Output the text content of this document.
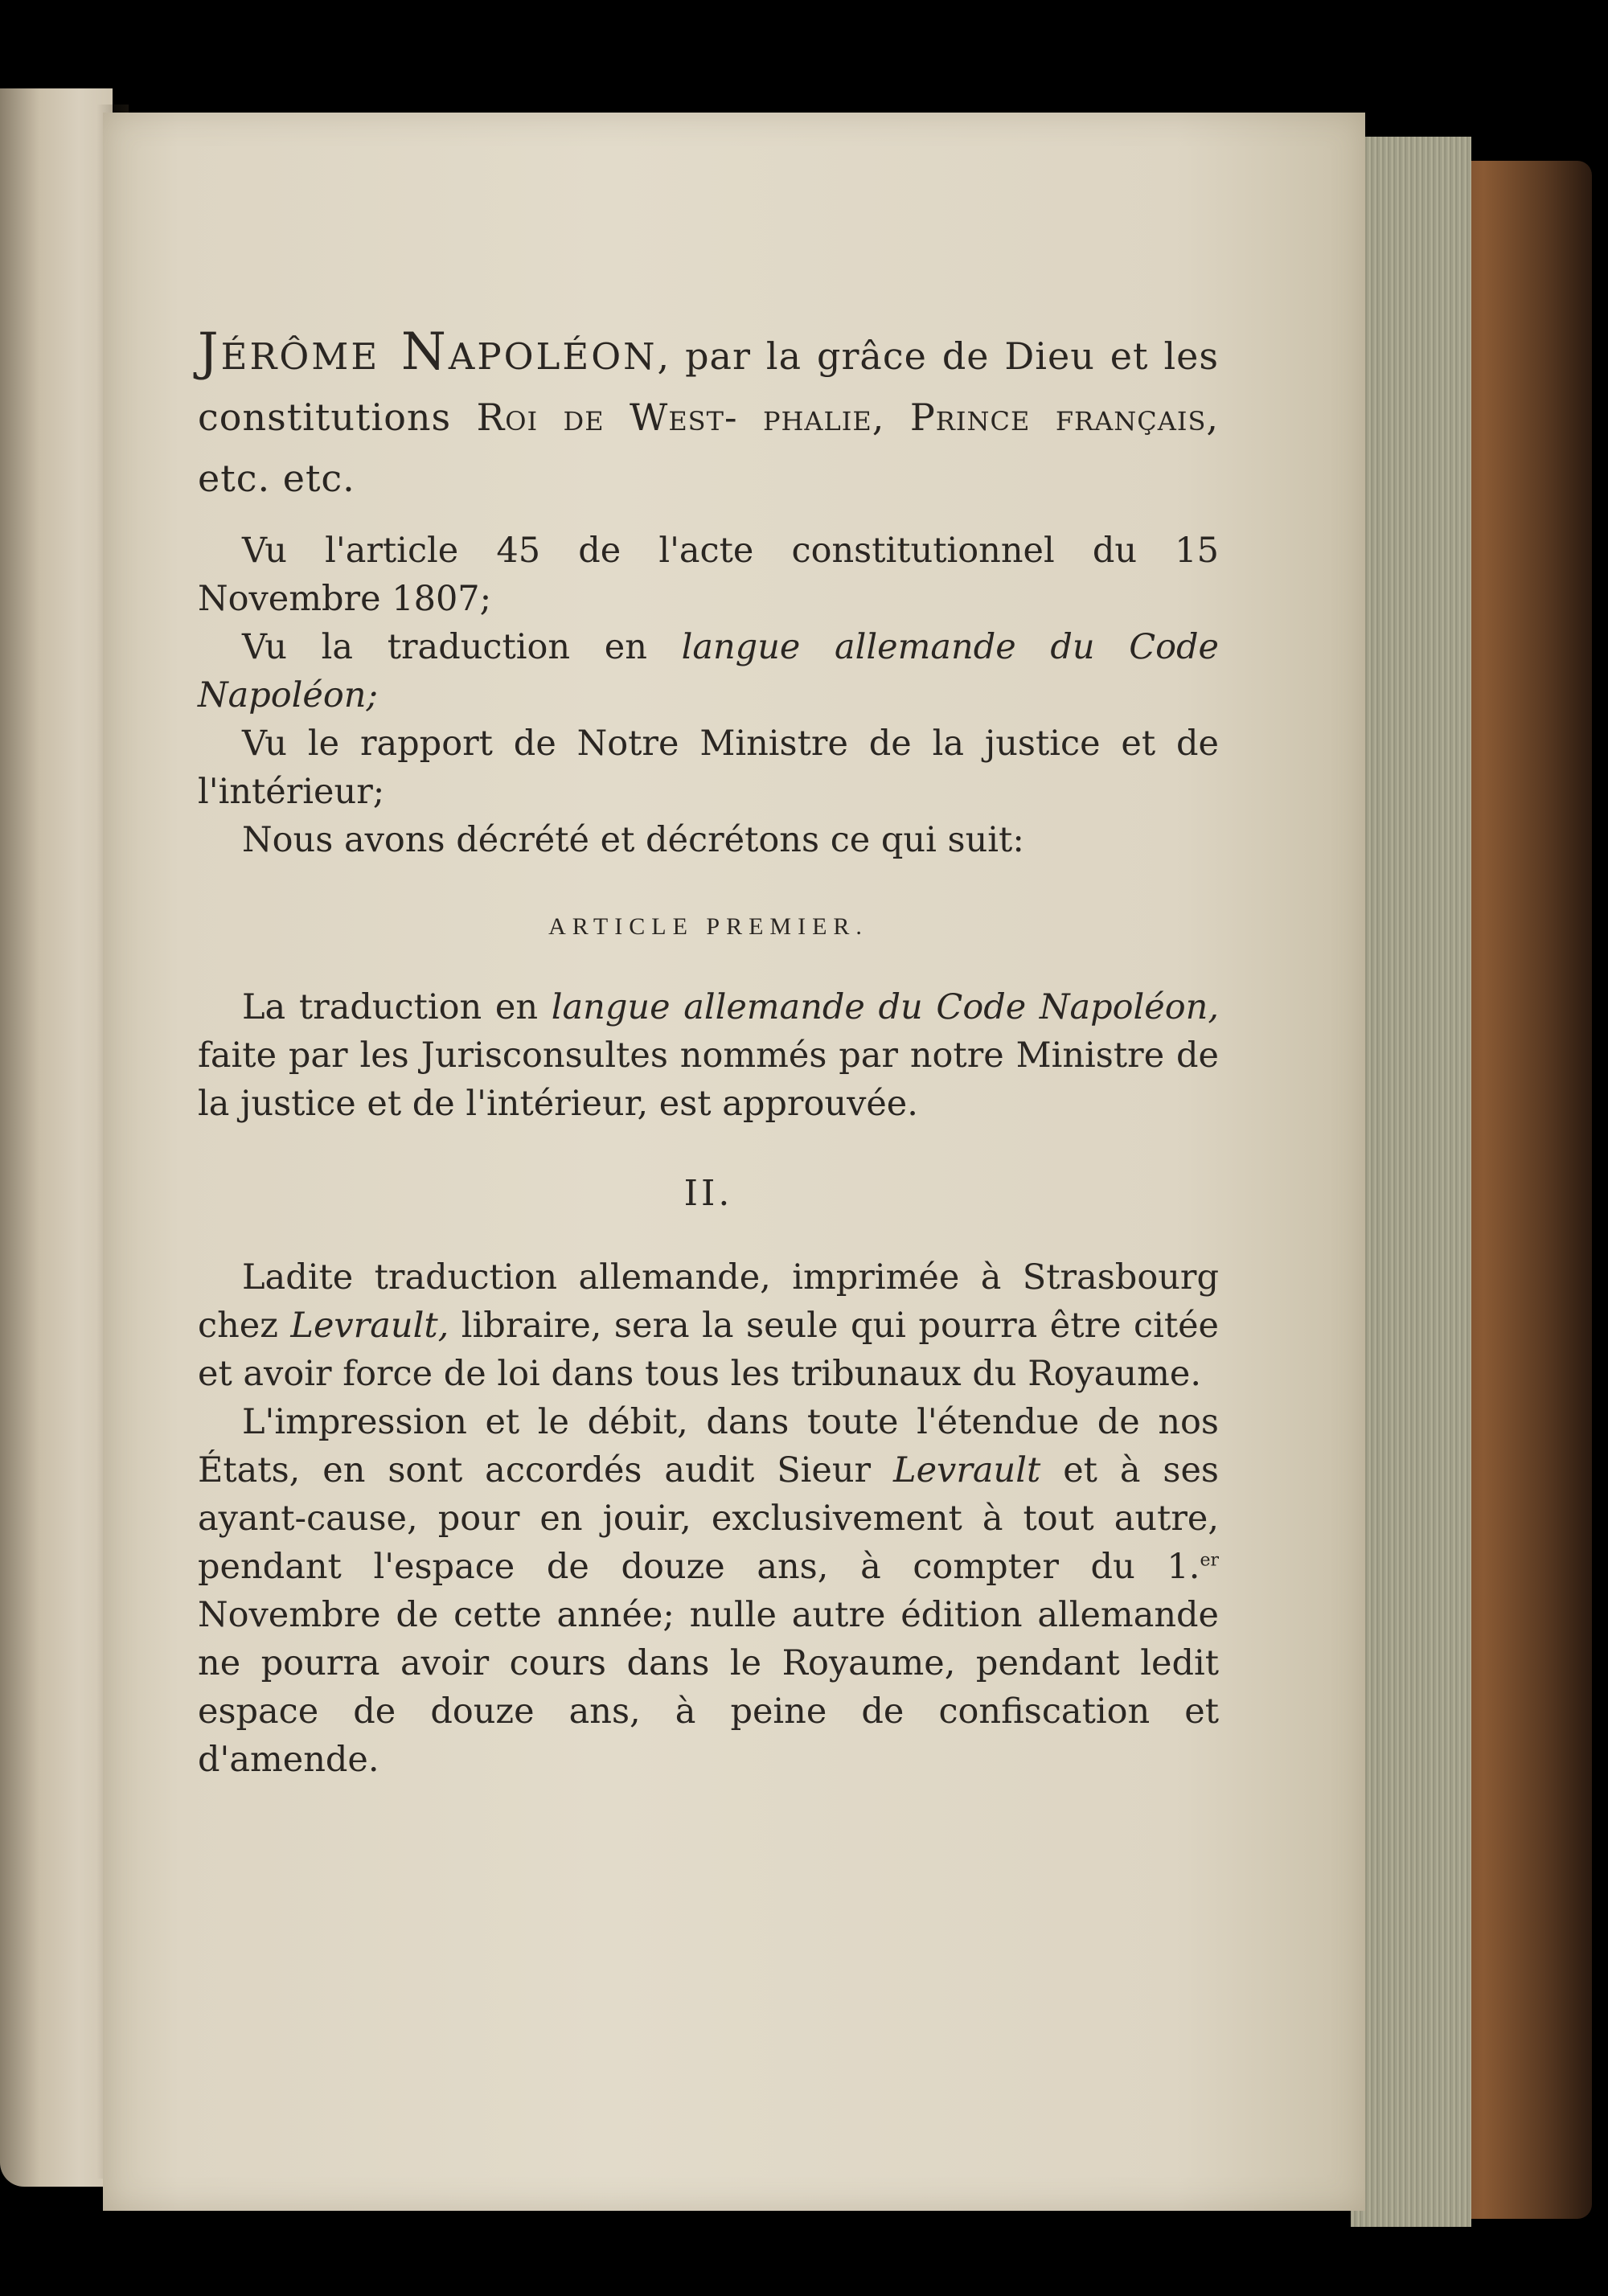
Jérôme Napoléon, par la grâce de Dieu et les constitutions Roi de West- phalie, Prince français, etc. etc.

Vu l'article 45 de l'acte constitutionnel du 15 Novembre 1807;

Vu la traduction en langue allemande du Code Napoléon;

Vu le rapport de Notre Ministre de la justice et de l'intérieur;

Nous avons décrété et décrétons ce qui suit:

ARTICLE PREMIER.

La traduction en langue allemande du Code Napoléon, faite par les Jurisconsultes nommés par notre Ministre de la justice et de l'intérieur, est approuvée.

II.

Ladite traduction allemande, imprimée à Strasbourg chez Levrault, libraire, sera la seule qui pourra être citée et avoir force de loi dans tous les tribunaux du Royaume.

L'impression et le débit, dans toute l'étendue de nos États, en sont accordés audit Sieur Levrault et à ses ayant-cause, pour en jouir, exclusivement à tout autre, pendant l'espace de douze ans, à compter du 1.$^{er}$ Novembre de cette année; nulle autre édition allemande ne pourra avoir cours dans le Royaume, pendant ledit espace de douze ans, à peine de confiscation et d'amende.
